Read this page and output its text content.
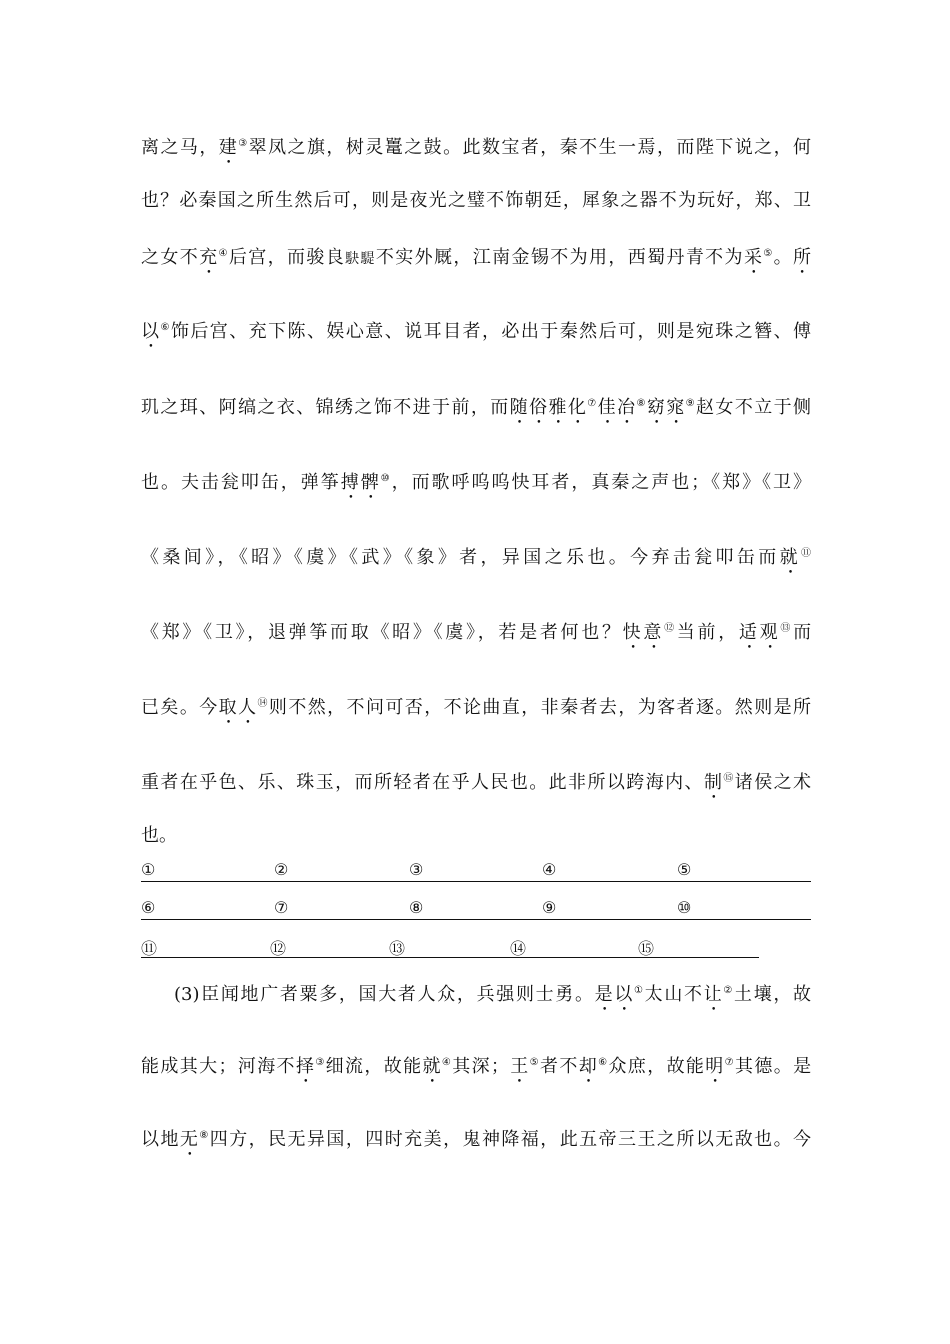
离之马，建③翠凤之旗，树灵鼍之鼓。此数宝者，秦不生一焉，而陛下说之，何
也？必秦国之所生然后可，则是夜光之璧不饰朝廷，犀象之器不为玩好，郑、卫
之女不充④后宫，而骏良駃騠不实外厩，江南金锡不为用，西蜀丹青不为采⑤。所
以⑥饰后宫、充下陈、娱心意、说耳目者，必出于秦然后可，则是宛珠之簪、傅
玑之珥、阿缟之衣、锦绣之饰不进于前，而随俗雅化⑦佳冶⑧窈窕⑨赵女不立于侧
也。夫击瓮叩缶，弹筝搏髀⑩，而歌呼呜呜快耳者，真秦之声也；《郑》《卫》
《桑间》，《昭》《虞》《武》《象》者，异国之乐也。今弃击瓮叩缶而就⑪
《郑》《卫》，退弹筝而取《昭》《虞》，若是者何也？快意⑫当前，适观⑬而
已矣。今取人⑭则不然，不问可否，不论曲直，非秦者去，为客者逐。然则是所
重者在乎色、乐、珠玉，而所轻者在乎人民也。此非所以跨海内、制⑮诸侯之术
也。
①	②	③	④	⑤
⑥	⑦	⑧	⑨	⑩
⑪	⑫	⑬	⑭	⑮
(3)臣闻地广者粟多，国大者人众，兵强则士勇。是以①太山不让②土壤，故
能成其大；河海不择③细流，故能就④其深；王⑤者不却⑥众庶，故能明⑦其德。是
以地无⑧四方，民无异国，四时充美，鬼神降福，此五帝三王之所以无敌也。今
